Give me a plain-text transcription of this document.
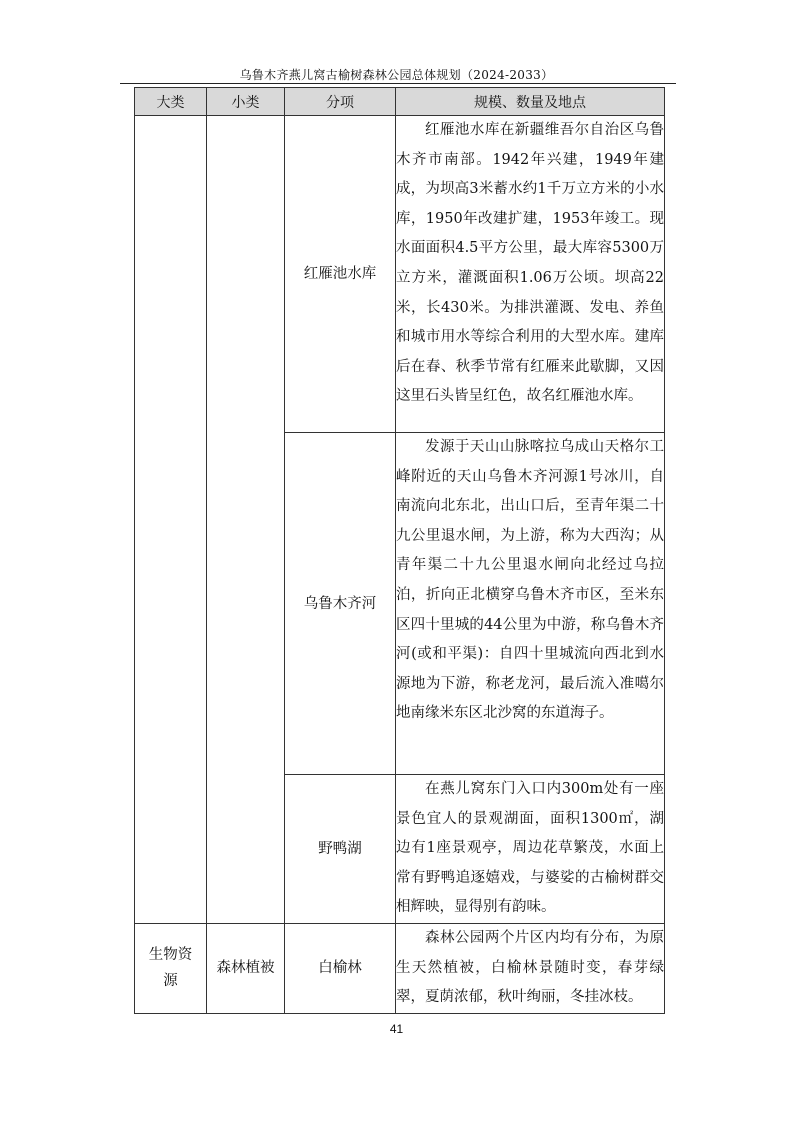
乌鲁木齐燕儿窝古榆树森林公园总体规划（2024-2033）
大类	小类	分项	规模、数量及地点
		红雁池水库	红雁池水库在新疆维吾尔自治区乌鲁木齐市南部。1942年兴建，1949年建成，为坝高3米蓄水约1千万立方米的小水库，1950年改建扩建，1953年竣工。现水面面积4.5平方公里，最大库容5300万立方米，灌溉面积1.06万公顷。坝高22米，长430米。为排洪灌溉、发电、养鱼和城市用水等综合利用的大型水库。建库后在春、秋季节常有红雁来此歇脚，又因这里石头皆呈红色，故名红雁池水库。

		乌鲁木齐河	发源于天山山脉喀拉乌成山天格尔工峰附近的天山乌鲁木齐河源1号冰川，自南流向北东北，出山口后，至青年渠二十九公里退水闸，为上游，称为大西沟；从青年渠二十九公里退水闸向北经过乌拉泊，折向正北横穿乌鲁木齐市区，至米东区四十里城的44公里为中游，称乌鲁木齐河(或和平渠)：自四十里城流向西北到水源地为下游，称老龙河，最后流入准噶尔地南缘米东区北沙窝的东道海子。

		野鸭湖	在燕儿窝东门入口内300m处有一座景色宜人的景观湖面，面积1300㎡，湖边有1座景观亭，周边花草繁茂，水面上常有野鸭追逐嬉戏，与婆娑的古榆树群交相辉映，显得别有韵味。

生物资源	森林植被	白榆林	森林公园两个片区内均有分布，为原生天然植被，白榆林景随时变，春芽绿翠，夏荫浓郁，秋叶绚丽，冬挂冰枝。

41
